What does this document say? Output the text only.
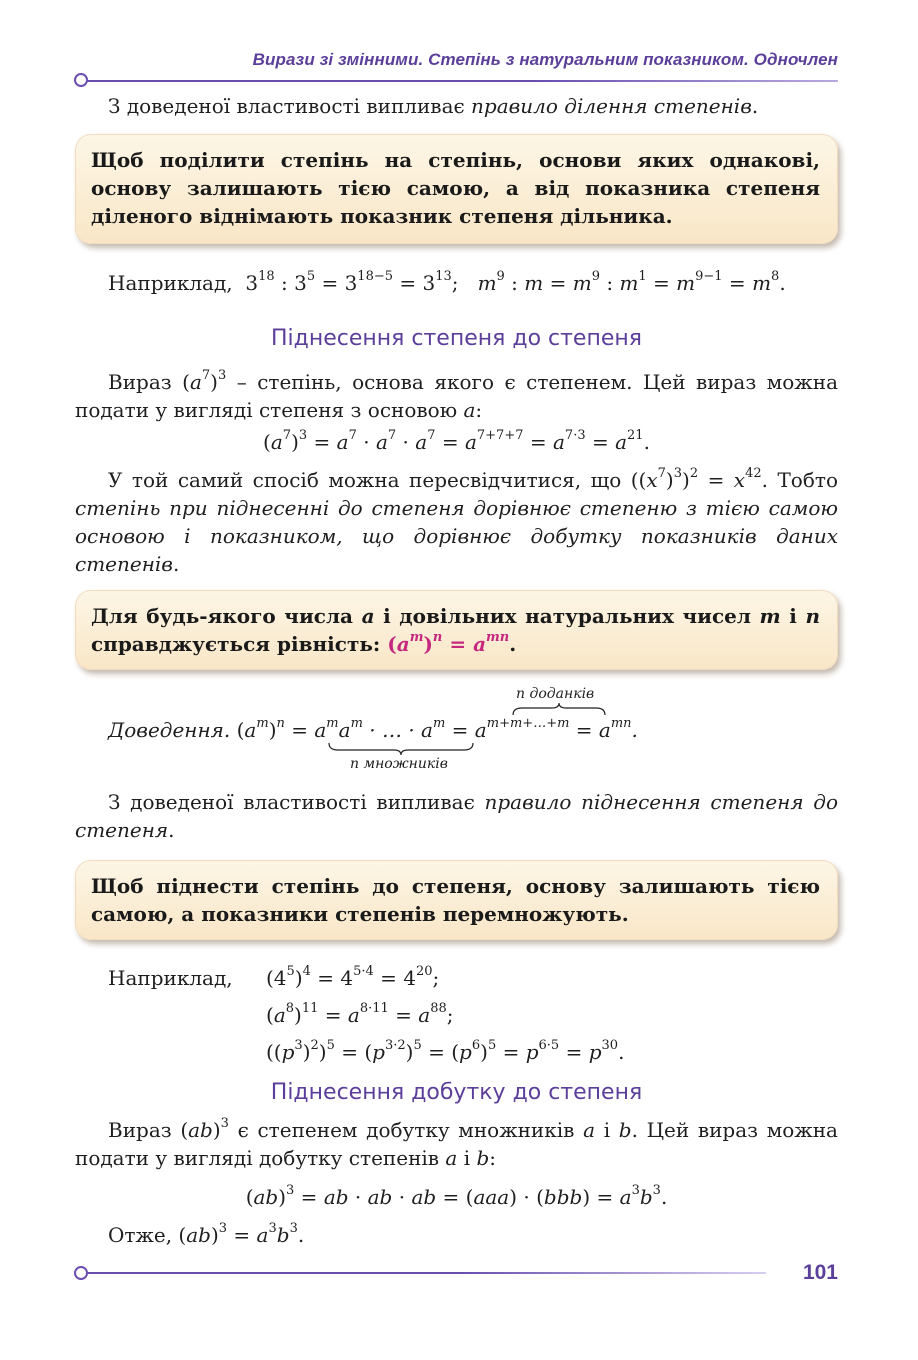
Вирази зі змінними. Степінь з натуральним показником. Одночлен
З доведеної властивості випливає правило ділення степенів.
Щоб поділити степінь на степінь, основи яких однакові, основу залишають тією самою, а від показника степеня діленого віднімають показник степеня дільника.
Наприклад,  $3^{18}$ : $3^5 = 3^{18-5} = 3^{13}$;   $m^9$ : $m = m^9$ : $m^1 = m^{9-1} = m^8$.
Піднесення степеня до степеня
Вираз $(a^7)^3$ – степінь, основа якого є степенем. Цей вираз можна подати у вигляді степеня з основою a:
$(a^7)^3 = a^7 \cdot a^7 \cdot a^7 = a^{7+7+7} = a^{7\cdot 3} = a^{21}$.
У той самий спосіб можна пересвідчитися, що $((x^7)^3)^2 = x^{42}$. Тобто степінь при піднесенні до степеня дорівнює степеню з тією самою основою і показником, що дорівнює добутку показників даних степенів.
Для будь-якого числа a і довільних натуральних чисел m і n справджується рівність: $(a^m)^n = a^{mn}$.
n доданків
Доведення. $(a^m)^n = a^ma^m$ · … · $a^m = a^{m+m+\dots+m} = a^{mn}$.
n множників
З доведеної властивості випливає правило піднесення степеня до степеня.
Щоб піднести степінь до степеня, основу залишають тією самою, а показники степенів перемножують.
Наприклад, $(4^5)^4 = 4^{5\cdot 4} = 4^{20}$;
$(a^8)^{11} = a^{8\cdot 11} = a^{88}$;
$((p^3)^2)^5 = (p^{3\cdot 2})^5 = (p^6)^5 = p^{6\cdot 5} = p^{30}$.
Піднесення добутку до степеня
Вираз (ab)$^3$ є степенем добутку множників a і b. Цей вираз можна подати у вигляді добутку степенів a і b:
(ab)$^3$ = ab · ab · ab = $(aaa) \cdot (bbb) = a^3b^3$.
Отже, $(ab)^3 = a^3b^3$.
101
